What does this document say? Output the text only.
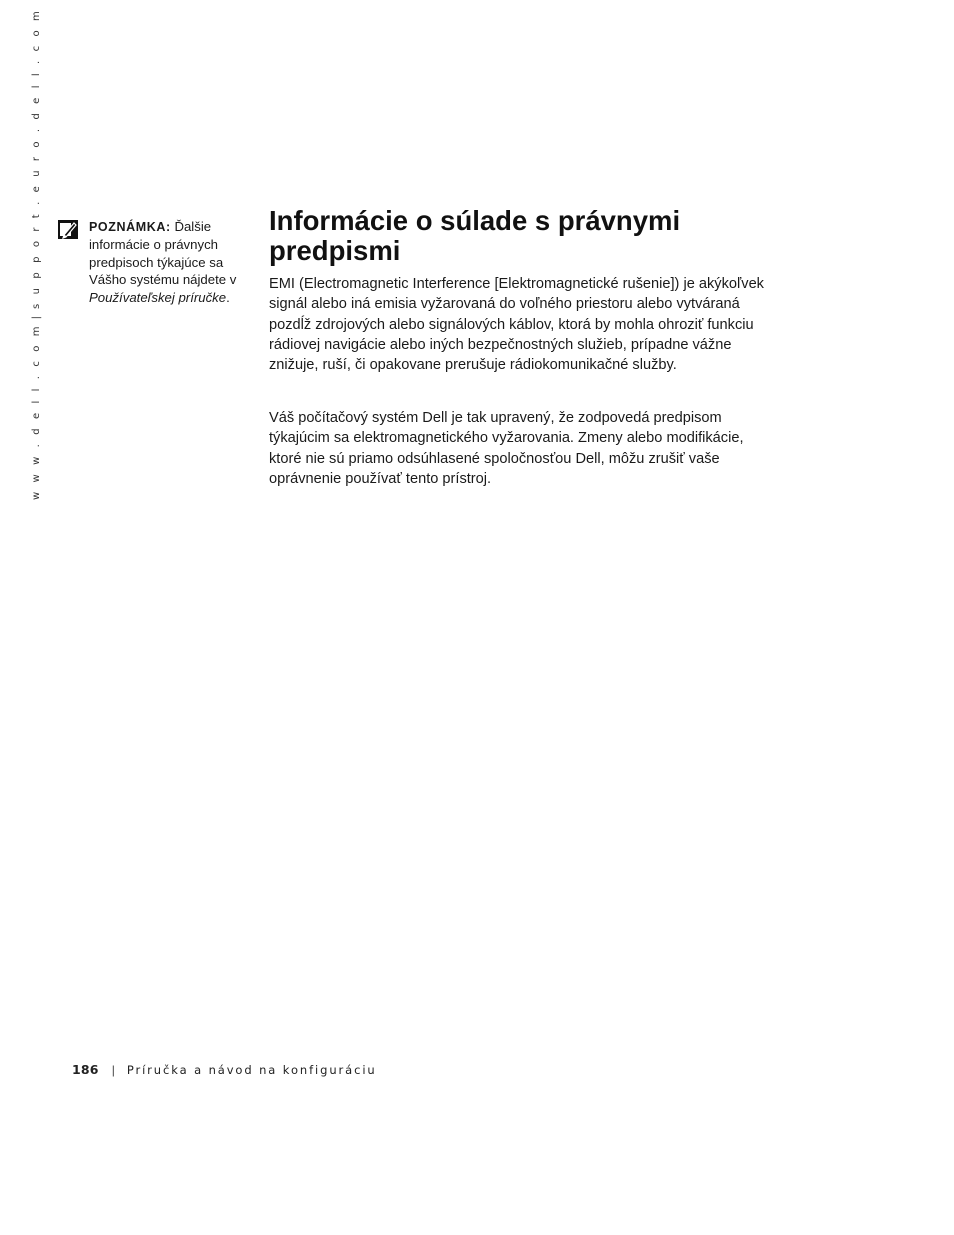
w w w . d e l l . c o m|s u p p o r t . e u r o . d e l l . c o m	POZNÁMKA: Ďalšie informácie o právnych predpisoch týkajúce sa Vášho systému nájdete v Používateľskej príručke.
Informácie o súlade s právnymi predpismi

EMI (Electromagnetic Interference [Elektromagnetické rušenie]) je akýkoľvek signál alebo iná emisia vyžarovaná do voľného priestoru alebo vytváraná pozdĺž zdrojových alebo signálových káblov, ktorá by mohla ohroziť funkciu rádiovej navigácie alebo iných bezpečnostných služieb, prípadne vážne znižuje, ruší, či opakovane prerušuje rádiokomunikačné služby.

Váš počítačový systém Dell je tak upravený, že zodpovedá predpisom týkajúcim sa elektromagnetického vyžarovania. Zmeny alebo modifikácie, ktoré nie sú priamo odsúhlasené spoločnosťou Dell, môžu zrušiť vaše oprávnenie používať tento prístroj.

186 | Príručka a návod na konfiguráciu
